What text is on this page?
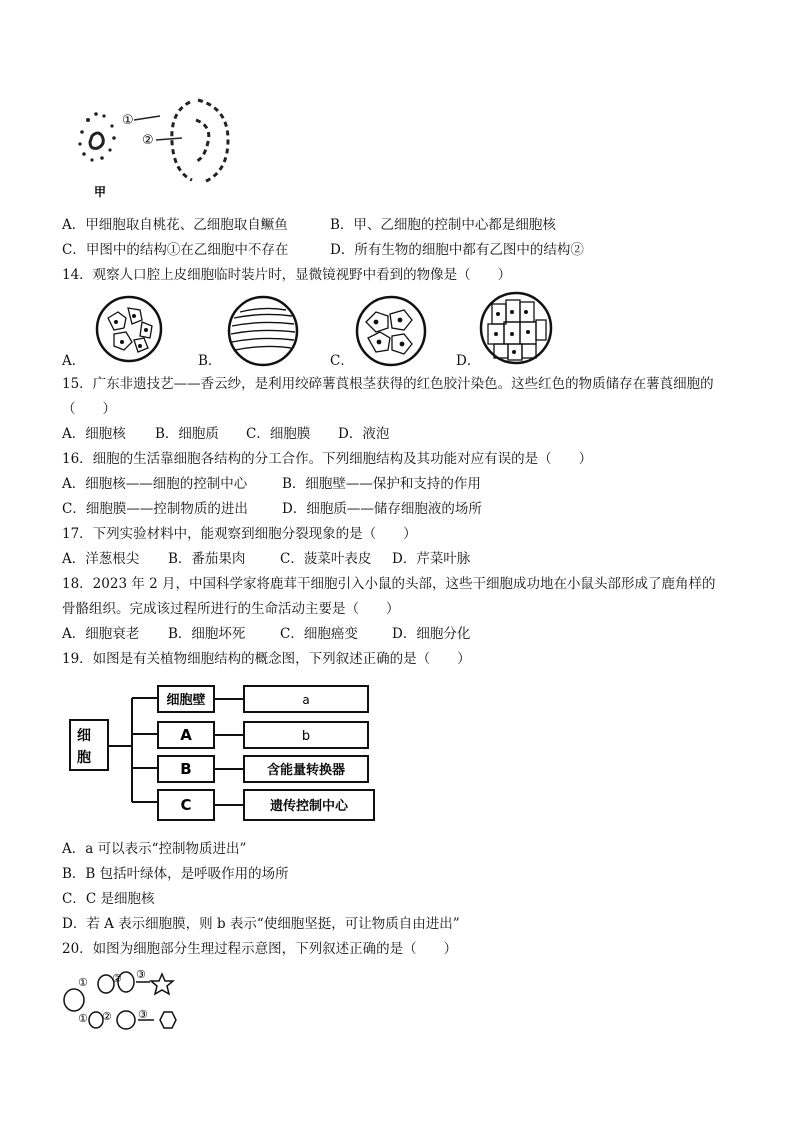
①
②
甲
A．甲细胞取自桃花、乙细胞取自鳜鱼	B．甲、乙细胞的控制中心都是细胞核
C．甲图中的结构①在乙细胞中不存在	D．所有生物的细胞中都有乙图中的结构②
14．观察人口腔上皮细胞临时装片时，显微镜视野中看到的物像是（　　）
A．	B．	C．	D．
15．广东非遗技艺——香云纱，是利用绞碎薯莨根茎获得的红色胶汁染色。这些红色的物质储存在薯莨细胞的
（　　）
A．细胞核 B．细胞质 C．细胞膜 D．液泡
16．细胞的生活靠细胞各结构的分工合作。下列细胞结构及其功能对应有误的是（　　）
A．细胞核——细胞的控制中心	B．细胞壁——保护和支持的作用
C．细胞膜——控制物质的进出	D．细胞质——储存细胞液的场所
17．下列实验材料中，能观察到细胞分裂现象的是（　　）
A．洋葱根尖 B．番茄果肉	C．菠菜叶表皮 D．芹菜叶脉
18．2023 年 2 月，中国科学家将鹿茸干细胞引入小鼠的头部，这些干细胞成功地在小鼠头部形成了鹿角样的
骨骼组织。完成该过程所进行的生命活动主要是（　　）
A．细胞衰老 B．细胞坏死	C．细胞癌变	D．细胞分化
19．如图是有关植物细胞结构的概念图，下列叙述正确的是（　　）
细
胞
细胞壁
A
B
C
a
b
含能量转换器
遗传控制中心
A．a 可以表示“控制物质进出”
B．B 包括叶绿体，是呼吸作用的场所
C．C 是细胞核
D．若 A 表示细胞膜，则 b 表示“使细胞坚挺，可让物质自由进出”
20．如图为细胞部分生理过程示意图，下列叙述正确的是（　　）
① ② ③
① ② ③
